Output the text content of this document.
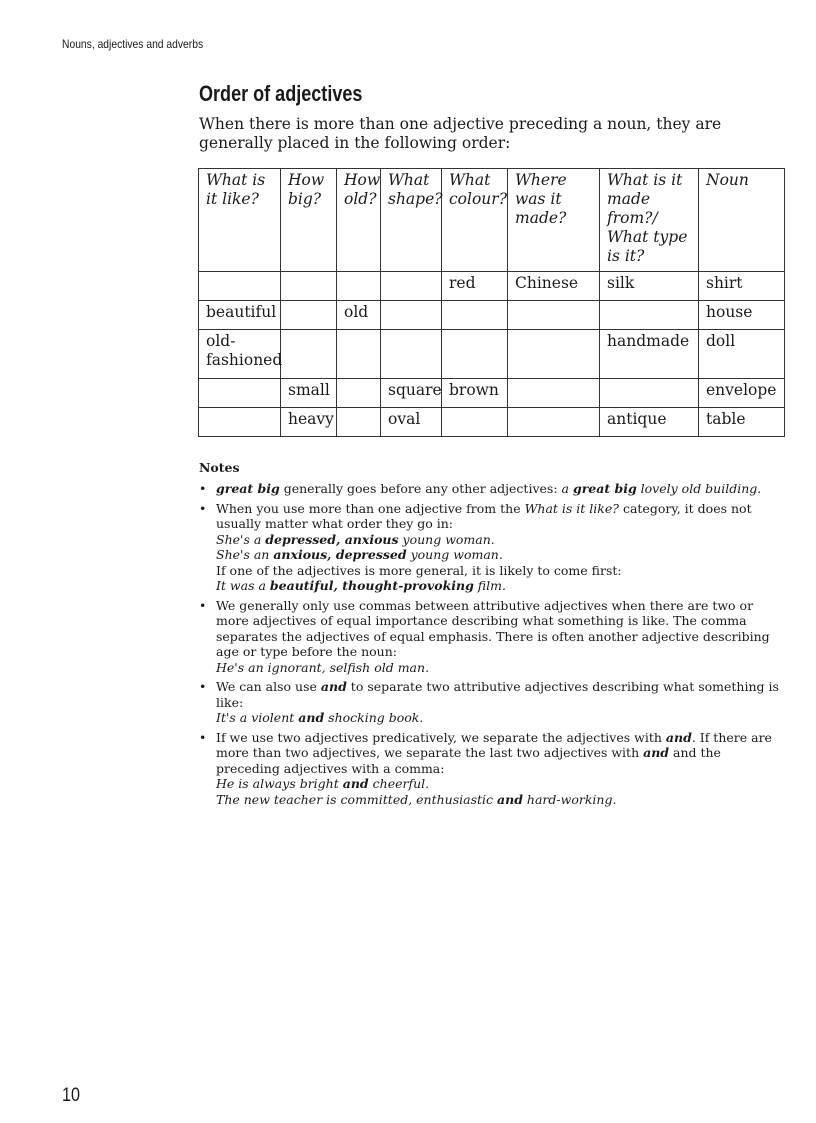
Nouns, adjectives and adverbs
Order of adjectives

When there is more than one adjective preceding a noun, they are generally placed in the following order:

What is it like?	How big?	How old?	What shape?	What colour?	Where was it made?	What is it made from?/ What type is it?	Noun
				red	Chinese	silk	shirt
beautiful		old					house
old-fashioned						handmade	doll
	small		square	brown			envelope
	heavy		oval			antique	table
Notes
• great big generally goes before any other adjectives: a great big lovely old building.
• When you use more than one adjective from the What is it like? category, it does not usually matter what order they go in:
She's a depressed, anxious young woman.
She's an anxious, depressed young woman.
If one of the adjectives is more general, it is likely to come first:
It was a beautiful, thought-provoking film.
• We generally only use commas between attributive adjectives when there are two or more adjectives of equal importance describing what something is like. The comma separates the adjectives of equal emphasis. There is often another adjective describing age or type before the noun:
He's an ignorant, selfish old man.
• We can also use and to separate two attributive adjectives describing what something is like:
It's a violent and shocking book.
• If we use two adjectives predicatively, we separate the adjectives with and. If there are more than two adjectives, we separate the last two adjectives with and and the preceding adjectives with a comma:
He is always bright and cheerful.
The new teacher is committed, enthusiastic and hard-working.
10
